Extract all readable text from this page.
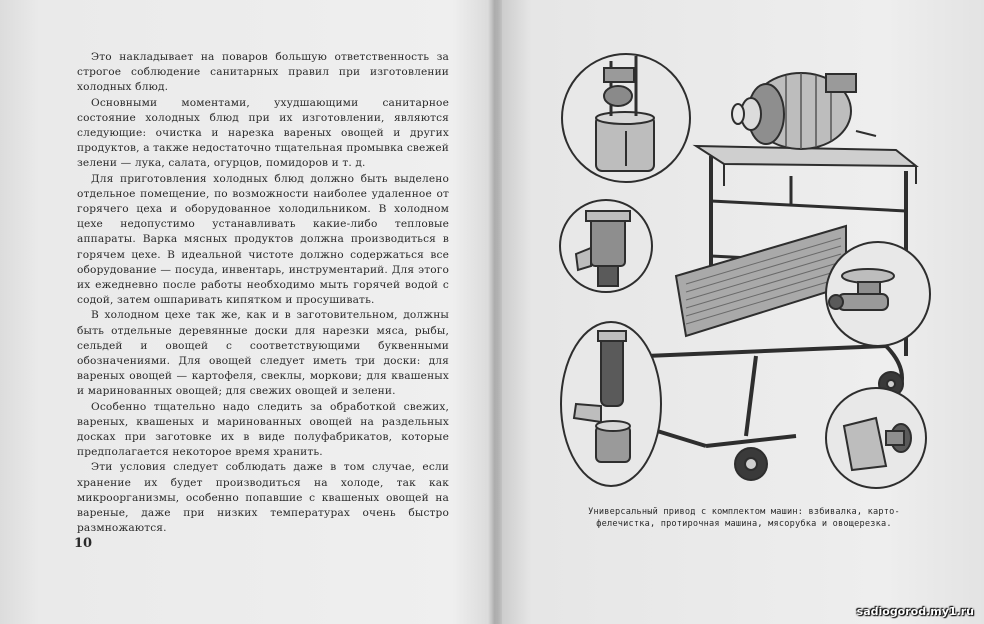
Это накладывает на поваров большую ответственность за строгое соблюдение санитарных правил при изготовлении холодных блюд.

Основными моментами, ухудшающими санитарное состояние холодных блюд при их изготовлении, являются следующие: очистка и нарезка вареных овощей и других продуктов, а также недостаточно тщательная промывка свежей зелени — лука, салата, огурцов, помидоров и т. д.

Для приготовления холодных блюд должно быть выделено отдельное помещение, по возможности наиболее удаленное от горячего цеха и оборудованное холодильником. В холодном цехе недопустимо устанавливать какие-либо тепловые аппараты. Варка мясных продуктов должна производиться в горячем цехе. В идеальной чистоте должно содержаться все оборудование — посуда, инвентарь, инструментарий. Для этого их ежедневно после работы необходимо мыть горячей водой с содой, затем ошпаривать кипятком и просушивать.

В холодном цехе так же, как и в заготовительном, должны быть отдельные деревянные доски для нарезки мяса, рыбы, сельдей и овощей с соответствующими буквенными обозначениями. Для овощей следует иметь три доски: для вареных овощей — картофеля, свеклы, моркови; для квашеных и маринованных овощей; для свежих овощей и зелени.

Особенно тщательно надо следить за обработкой свежих, вареных, квашеных и маринованных овощей на раздельных досках при заготовке их в виде полуфабрикатов, которые предполагается некоторое время хранить.

Эти условия следует соблюдать даже в том случае, если хранение их будет производиться на холоде, так как микроорганизмы, особенно попавшие с квашеных овощей на вареные, даже при низких температурах очень быстро размножаются.

10
Универсальный привод с комплектом машин: взбивалка, карто-
фелечистка, протирочная машина, мясорубка и овощерезка.
sadiogorod.my1.ru
